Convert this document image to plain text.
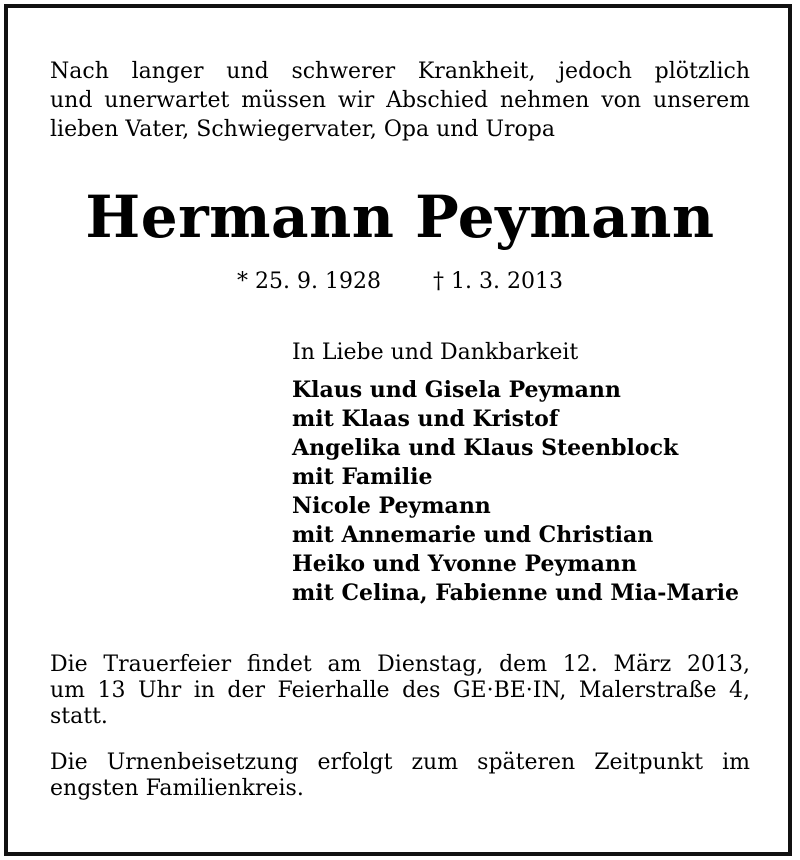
Nach langer und schwerer Krankheit, jedoch plötzlich
und unerwartet müssen wir Abschied nehmen von unserem
lieben Vater, Schwiegervater, Opa und Uropa
Hermann Peymann
* 25. 9. 1928 † 1. 3. 2013
In Liebe und Dankbarkeit
Klaus und Gisela Peymann
mit Klaas und Kristof
Angelika und Klaus Steenblock
mit Familie
Nicole Peymann
mit Annemarie und Christian
Heiko und Yvonne Peymann
mit Celina, Fabienne und Mia-Marie
Die Trauerfeier findet am Dienstag, dem 12. März 2013,
um 13 Uhr in der Feierhalle des GE·BE·IN, Malerstraße 4,
statt.
Die Urnenbeisetzung erfolgt zum späteren Zeitpunkt im
engsten Familienkreis.
